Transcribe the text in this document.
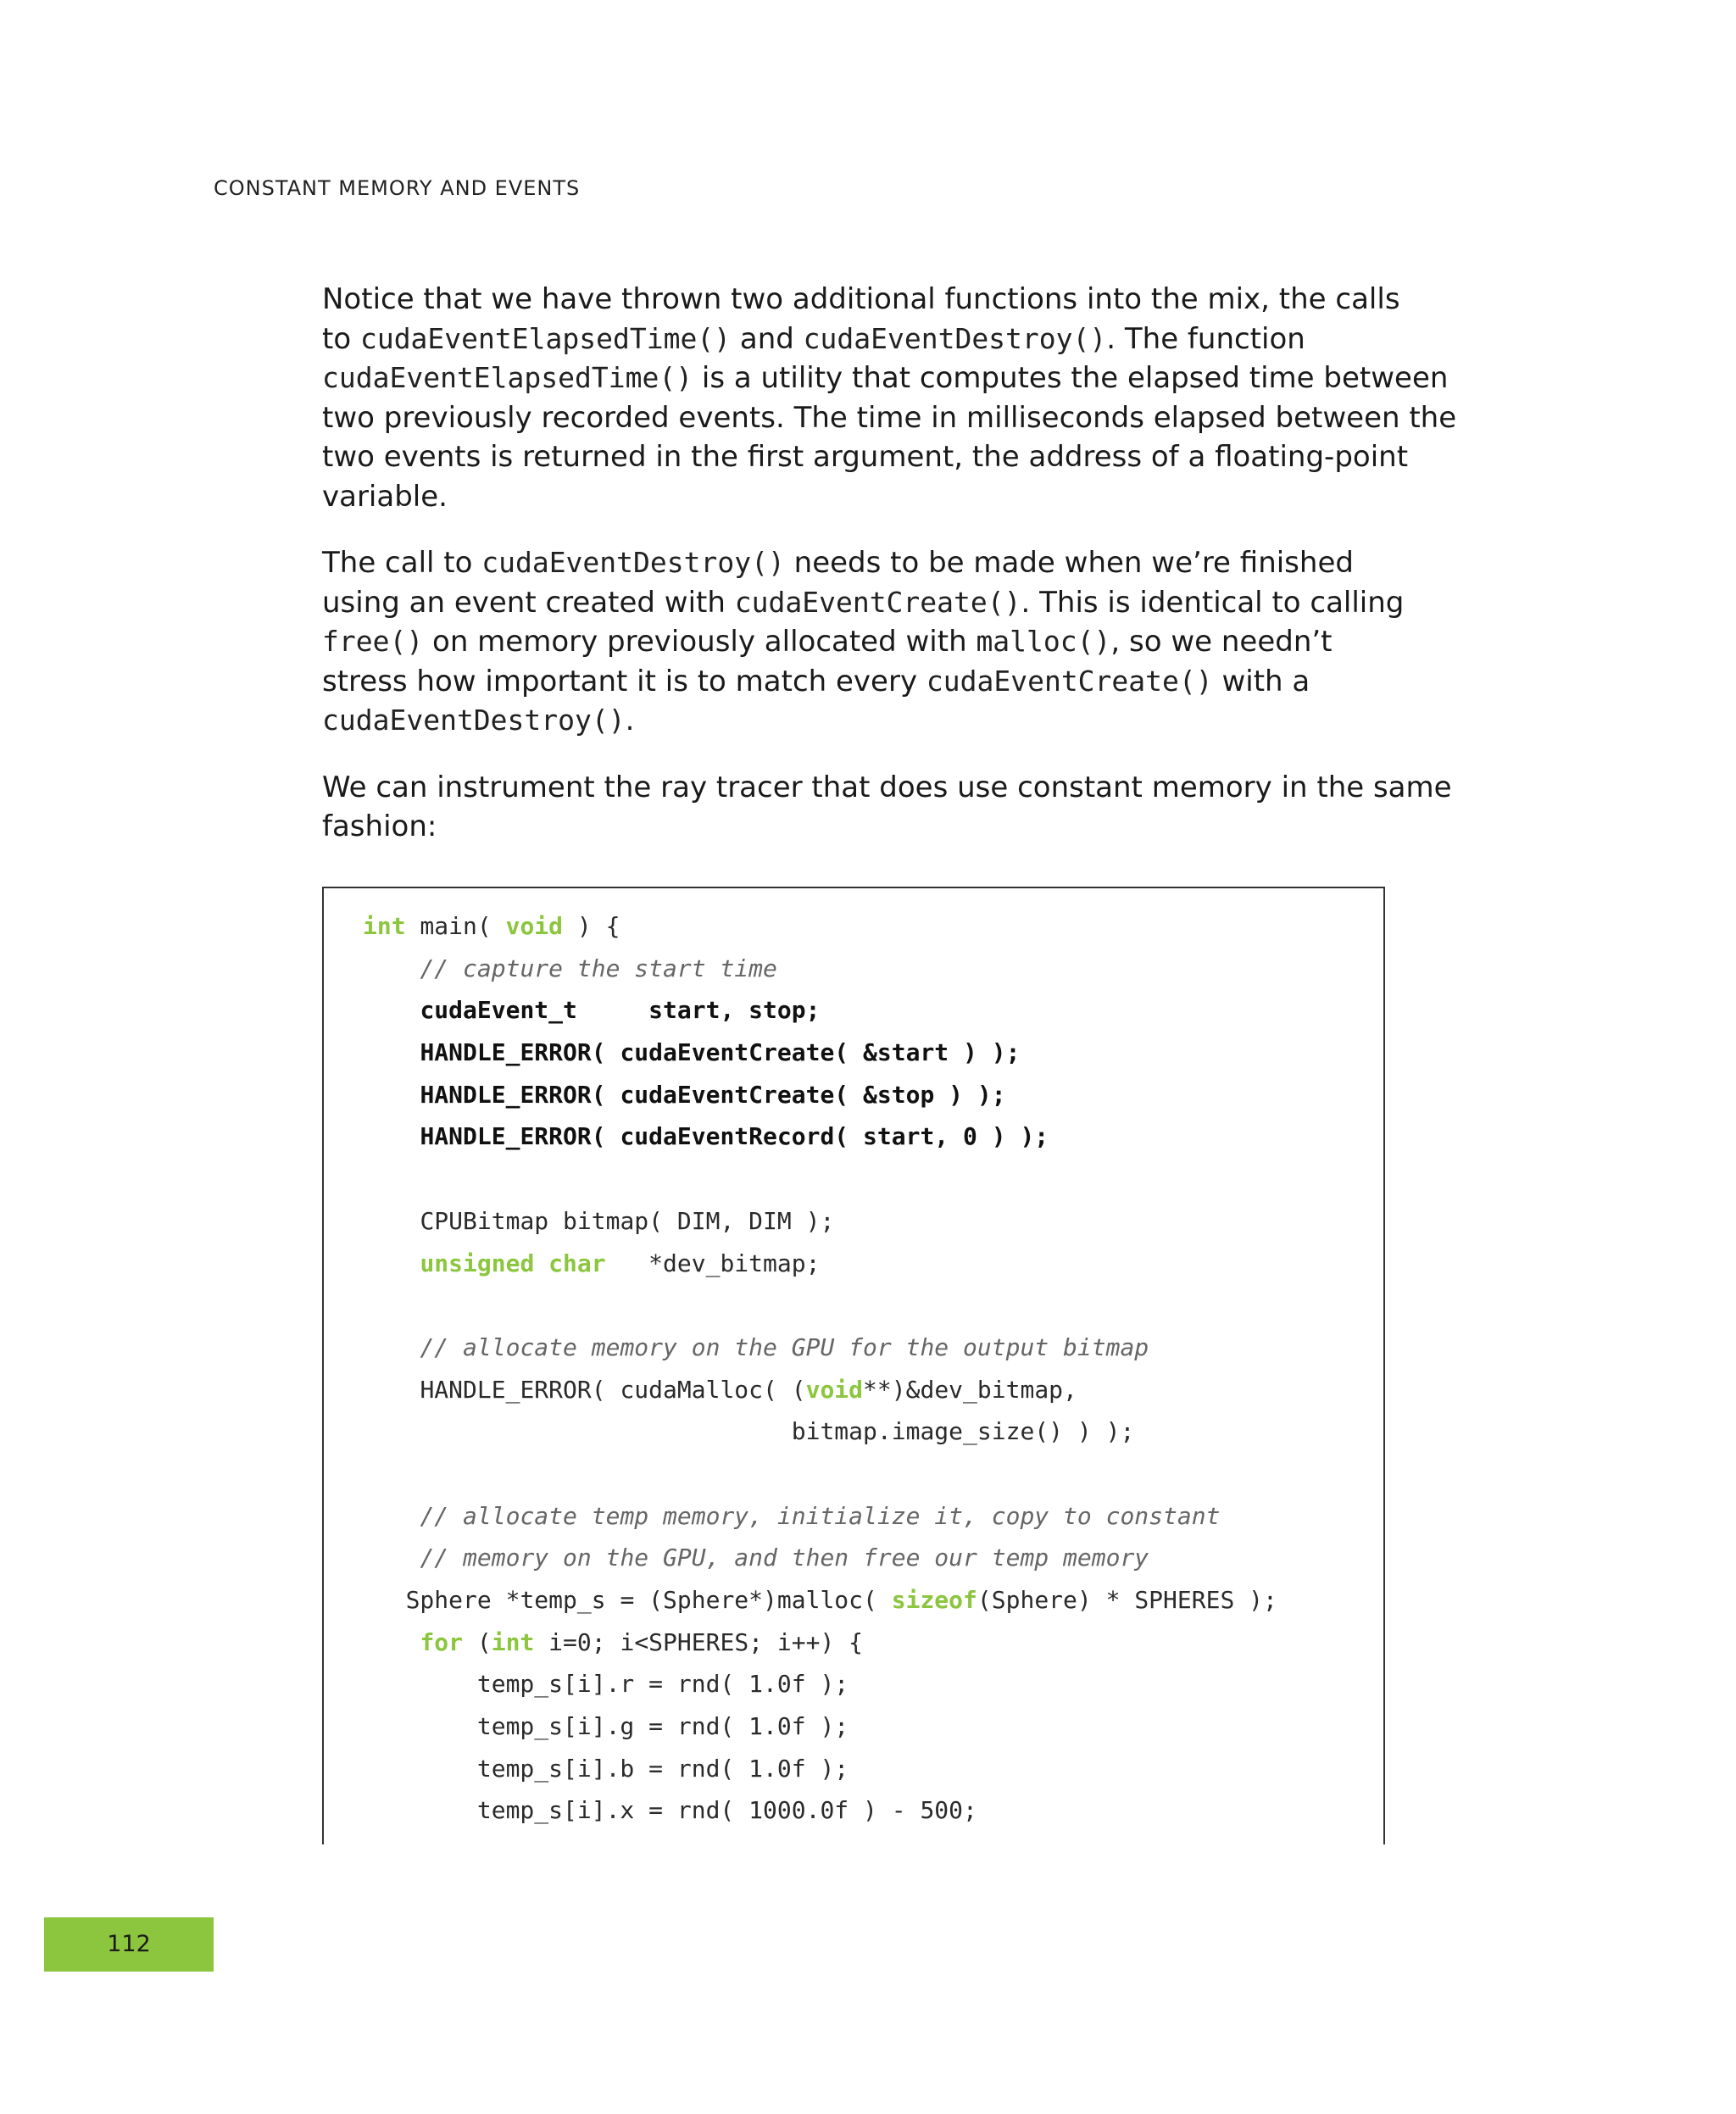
CONSTANT MEMORY AND EVENTS

Notice that we have thrown two additional functions into the mix, the calls
to cudaEventElapsedTime() and cudaEventDestroy(). The function
cudaEventElapsedTime() is a utility that computes the elapsed time between
two previously recorded events. The time in milliseconds elapsed between the
two events is returned in the first argument, the address of a floating-point
variable.

The call to cudaEventDestroy() needs to be made when we’re finished
using an event created with cudaEventCreate(). This is identical to calling
free() on memory previously allocated with malloc(), so we needn’t
stress how important it is to match every cudaEventCreate() with a
cudaEventDestroy().

We can instrument the ray tracer that does use constant memory in the same
fashion:

int main( void ) {
// capture the start time
cudaEvent_t     start, stop;
HANDLE_ERROR( cudaEventCreate( &start ) );
HANDLE_ERROR( cudaEventCreate( &stop ) );
HANDLE_ERROR( cudaEventRecord( start, 0 ) );

CPUBitmap bitmap( DIM, DIM );
unsigned char   *dev_bitmap;

// allocate memory on the GPU for the output bitmap
HANDLE_ERROR( cudaMalloc( (void**)&dev_bitmap,
bitmap.image_size() ) );

// allocate temp memory, initialize it, copy to constant
// memory on the GPU, and then free our temp memory
Sphere *temp_s = (Sphere*)malloc( sizeof(Sphere) * SPHERES );
for (int i=0; i<SPHERES; i++) {
temp_s[i].r = rnd( 1.0f );
temp_s[i].g = rnd( 1.0f );
temp_s[i].b = rnd( 1.0f );
temp_s[i].x = rnd( 1000.0f ) - 500;
112
